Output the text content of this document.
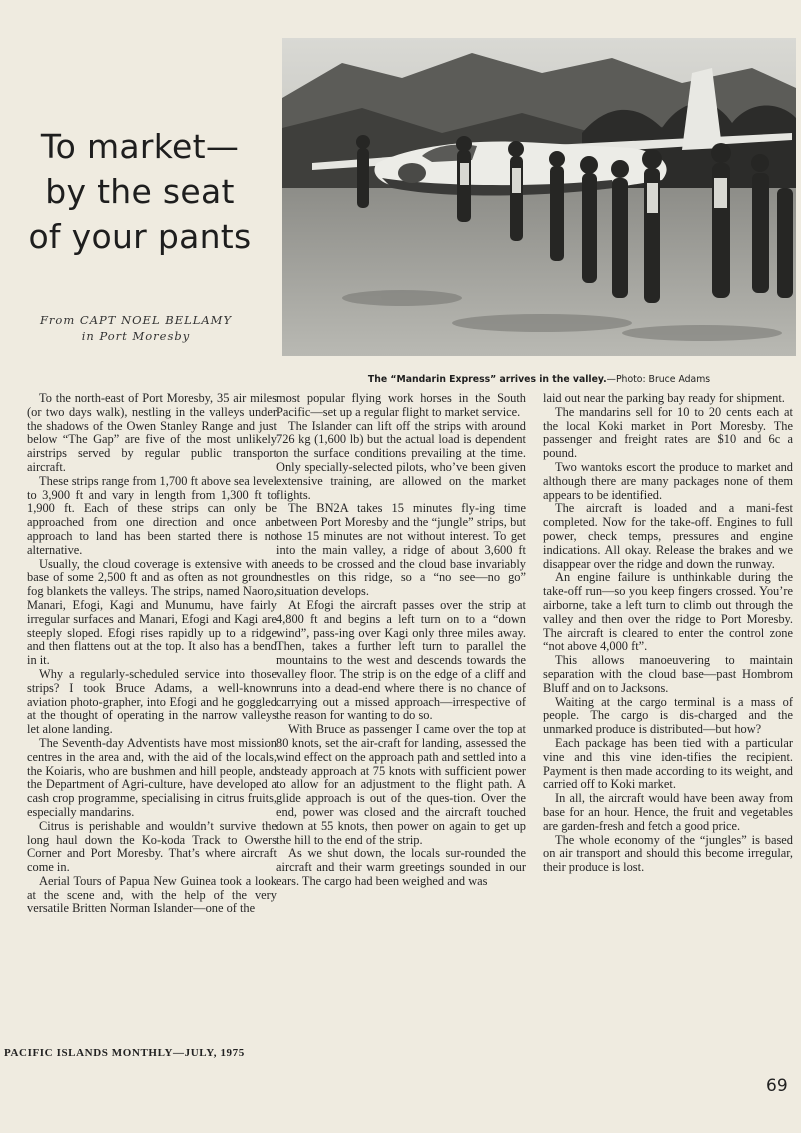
To market—
by the seat
of your pants
From CAPT NOEL BELLAMY
in Port Moresby
The “Mandarin Express” arrives in the valley.—Photo: Bruce Adams

To the north-east of Port Moresby, 35 air miles (or two days walk), nestling in the valleys under the shadows of the Owen Stanley Range and just below “The Gap” are five of the most unlikely airstrips served by regular public transport aircraft.

These strips range from 1,700 ft above sea level to 3,900 ft and vary in length from 1,300 ft to 1,900 ft. Each of these strips can only be approached from one direction and once an approach to land has been started there is no alternative.

Usually, the cloud coverage is extensive with a base of some 2,500 ft and as often as not ground fog blankets the valleys. The strips, named Naoro, Manari, Efogi, Kagi and Munumu, have fairly irregular surfaces and Manari, Efogi and Kagi are steeply sloped. Efogi rises rapidly up to a ridge and then flattens out at the top. It also has a bend in it.

Why a regularly-scheduled service into those strips? I took Bruce Adams, a well-known aviation photo-grapher, into Efogi and he goggled at the thought of operating in the narrow valleys let alone landing.

The Seventh-day Adventists have most mission centres in the area and, with the aid of the locals, the Koiaris, who are bushmen and hill people, and the Department of Agri-culture, have developed a cash crop programme, specialising in citrus fruits, especially mandarins.

Citrus is perishable and wouldn’t survive the long haul down the Ko-koda Track to Owers Corner and Port Moresby. That’s where aircraft come in.

Aerial Tours of Papua New Guinea took a look at the scene and, with the help of the very versatile Britten Norman Islander—one of the

most popular flying work horses in the South Pacific—set up a regular flight to market service.

The Islander can lift off the strips with around 726 kg (1,600 lb) but the actual load is dependent on the surface conditions prevailing at the time. Only specially-selected pilots, who’ve been given extensive training, are allowed on the market flights.

The BN2A takes 15 minutes fly-ing time between Port Moresby and the “jungle” strips, but those 15 minutes are not without interest. To get into the main valley, a ridge of about 3,600 ft needs to be crossed and the cloud base invariably nestles on this ridge, so a “no see—no go” situation develops.

At Efogi the aircraft passes over the strip at 4,800 ft and begins a left turn on to a “down wind”, pass-ing over Kagi only three miles away. Then, takes a further left turn to parallel the mountains to the west and descends towards the valley floor. The strip is on the edge of a cliff and runs into a dead-end where there is no chance of carrying out a missed approach—irrespective of the reason for wanting to do so.

With Bruce as passenger I came over the top at 80 knots, set the air-craft for landing, assessed the wind effect on the approach path and settled into a steady approach at 75 knots with sufficient power to allow for an adjustment to the flight path. A glide approach is out of the ques-tion. Over the end, power was closed and the aircraft touched down at 55 knots, then power on again to get up the hill to the end of the strip.

As we shut down, the locals sur-rounded the aircraft and their warm greetings sounded in our ears. The cargo had been weighed and was

laid out near the parking bay ready for shipment.

The mandarins sell for 10 to 20 cents each at the local Koki market in Port Moresby. The passenger and freight rates are $10 and 6c a pound.

Two wantoks escort the produce to market and although there are many packages none of them appears to be identified.

The aircraft is loaded and a mani-fest completed. Now for the take-off. Engines to full power, check temps, pressures and engine indications. All okay. Release the brakes and we disappear over the ridge and down the runway.

An engine failure is unthinkable during the take-off run—so you keep fingers crossed. You’re airborne, take a left turn to climb out through the valley and then over the ridge to Port Moresby. The aircraft is cleared to enter the control zone “not above 4,000 ft”.

This allows manoeuvering to maintain separation with the cloud base—past Hombrom Bluff and on to Jacksons.

Waiting at the cargo terminal is a mass of people. The cargo is dis-charged and the unmarked produce is distributed—but how?

Each package has been tied with a particular vine and this vine iden-tifies the recipient. Payment is then made according to its weight, and carried off to Koki market.

In all, the aircraft would have been away from base for an hour. Hence, the fruit and vegetables are garden-fresh and fetch a good price.

The whole economy of the “jungles” is based on air transport and should this become irregular, their produce is lost.

PACIFIC ISLANDS MONTHLY—JULY, 1975
69
